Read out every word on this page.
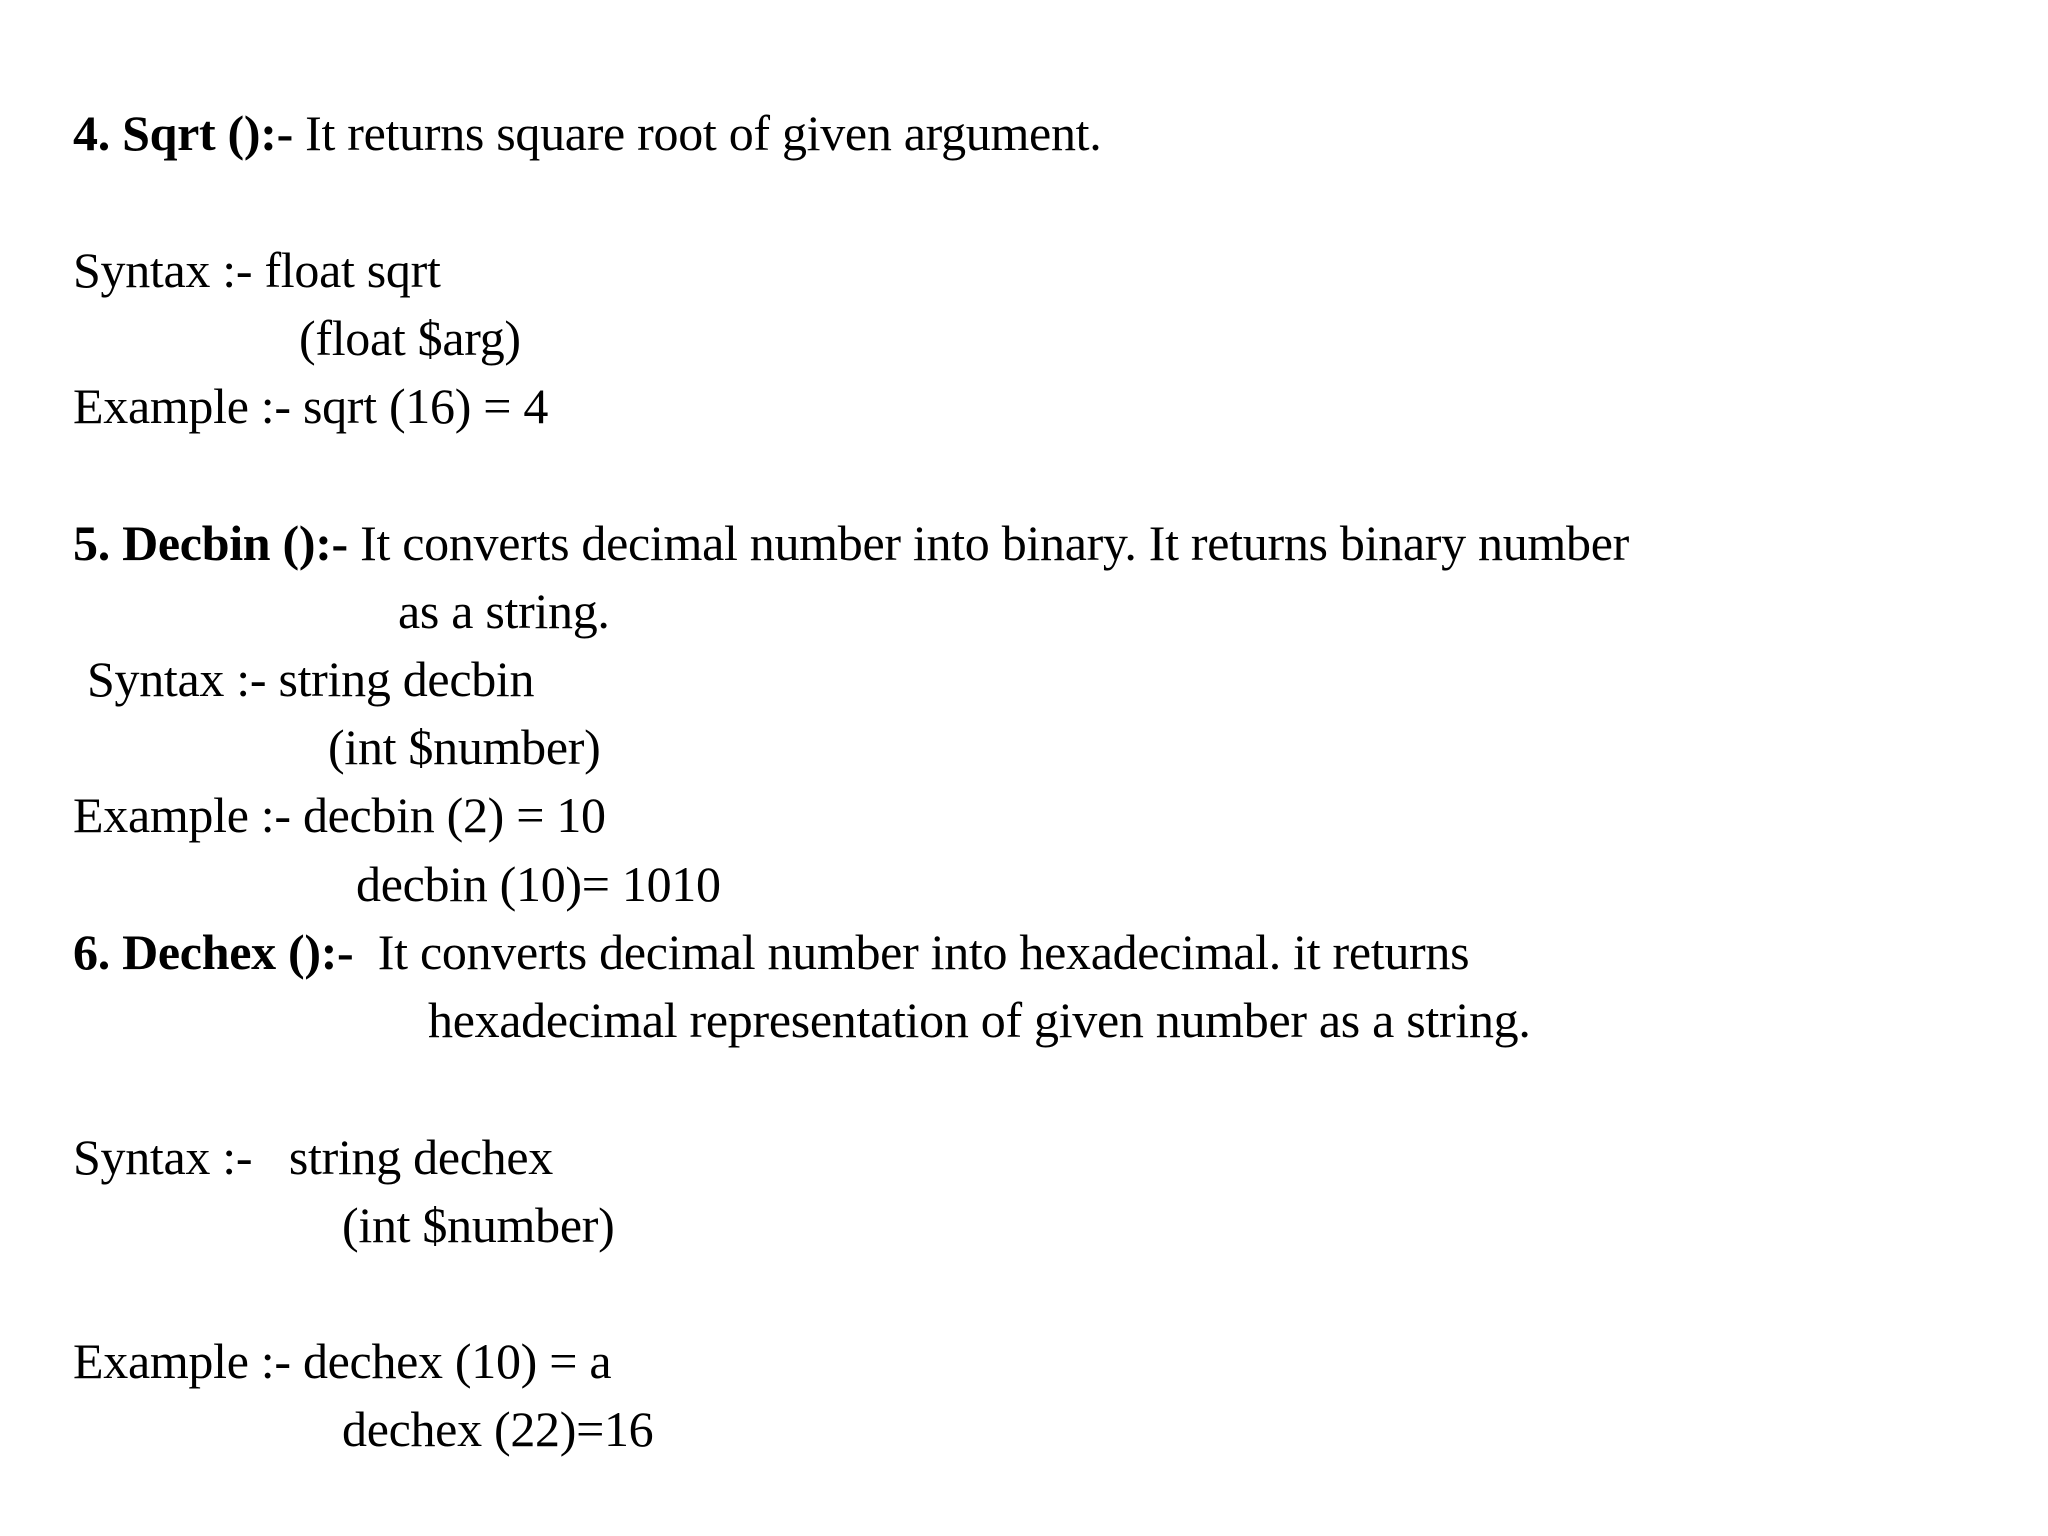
4. Sqrt ():- It returns square root of given argument.
Syntax :- float sqrt
(float $arg)
Example :- sqrt (16) = 4
5. Decbin ():- It converts decimal number into binary. It returns binary number
as a string.
Syntax :- string decbin
(int $number)
Example :- decbin (2) = 10
decbin (10)= 1010
6. Dechex ():-  It converts decimal number into hexadecimal. it returns
hexadecimal representation of given number as a string.
Syntax :-   string dechex
(int $number)
Example :- dechex (10) = a
dechex (22)=16
